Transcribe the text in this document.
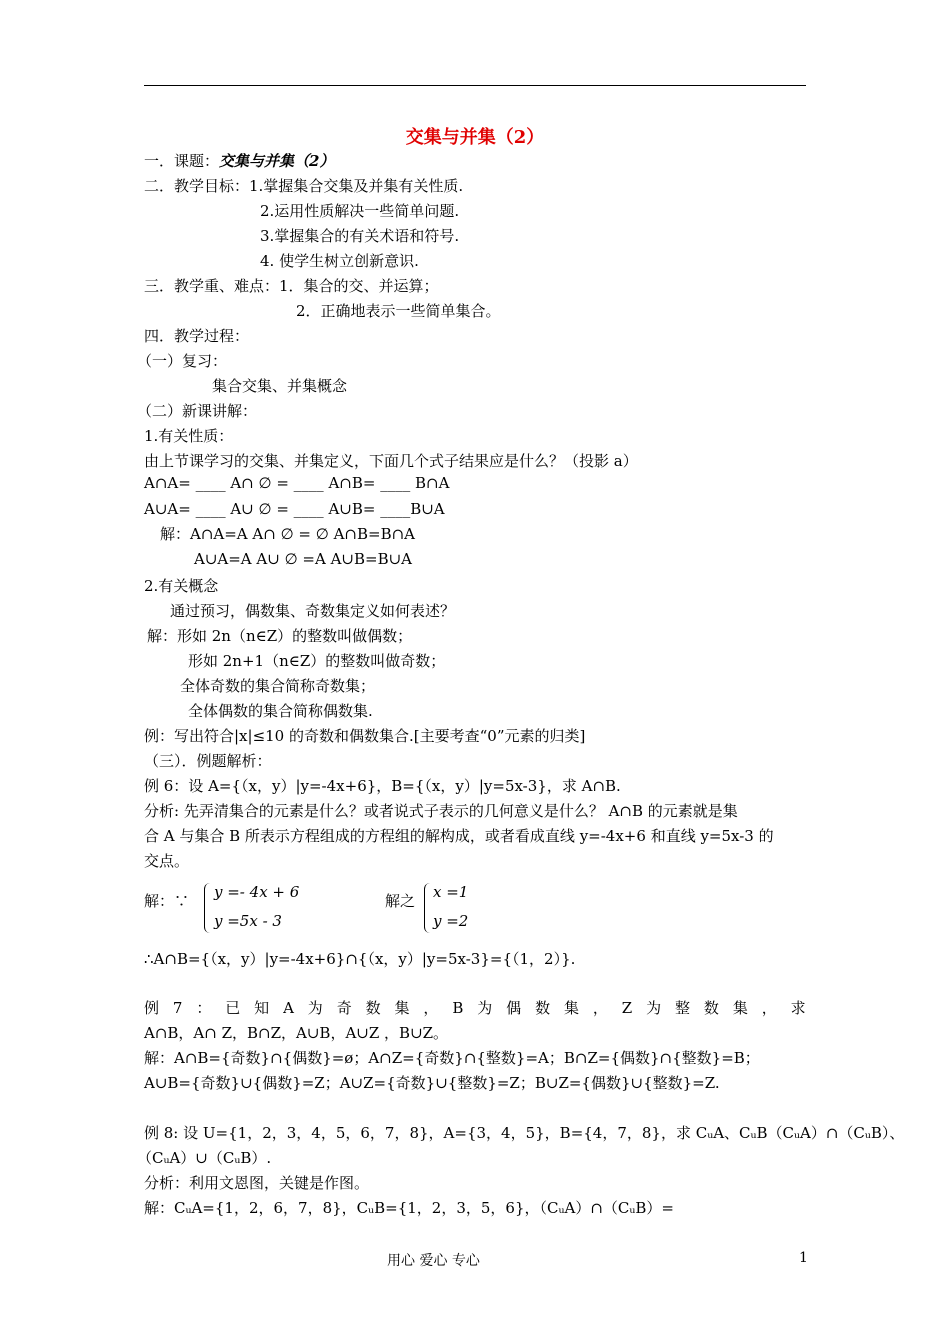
交集与并集（2）
一．课题：交集与并集（2）
二．教学目标：1.掌握集合交集及并集有关性质.
2.运用性质解决一些简单问题.
3.掌握集合的有关术语和符号.
4. 使学生树立创新意识.
三．教学重、难点：1．集合的交、并运算；
2．正确地表示一些简单集合。
四．教学过程：
（一）复习：
集合交集、并集概念
（二）新课讲解：
1.有关性质：
由上节课学习的交集、并集定义，下面几个式子结果应是什么？（投影 a）
A∩A= ____ A∩ ∅ = ____ A∩B= ____ B∩A
A∪A= ____ A∪ ∅ = ____ A∪B= ____B∪A
解：A∩A=A A∩ ∅ = ∅ A∩B=B∩A
A∪A=A A∪ ∅ =A A∪B=B∪A
2.有关概念
通过预习，偶数集、奇数集定义如何表述？
解：形如 2n（n∈Z）的整数叫做偶数；
形如 2n+1（n∈Z）的整数叫做奇数；
全体奇数的集合简称奇数集；
全体偶数的集合简称偶数集.
例：写出符合|x|≤10 的奇数和偶数集合.[主要考查“0”元素的归类]
（三）．例题解析：
例 6：设 A={（x，y）|y=-4x+6}，B={（x，y）|y=5x-3}，求 A∩B.
分析: 先弄清集合的元素是什么？或者说式子表示的几何意义是什么？ A∩B 的元素就是集
合 A 与集合 B 所表示方程组成的方程组的解构成，或者看成直线 y=-4x+6 和直线 y=5x-3 的
交点。
解：∵ y =- 4x + 6
y =5x - 3
解之 x =1
y =2
∴A∩B={（x，y）|y=-4x+6}∩{（x，y）|y=5x-3}={（1，2）}.
例 7 ： 已 知 A 为 奇 数 集 ， B 为 偶 数 集 ， Z 为 整 数 集 ， 求
A∩B，A∩ Z，B∩Z，A∪B，A∪Z ，B∪Z。
解：A∩B={奇数}∩{偶数}=ø；A∩Z={奇数}∩{整数}=A；B∩Z={偶数}∩{整数}=B；
A∪B={奇数}∪{偶数}=Z；A∪Z={奇数}∪{整数}=Z；B∪Z={偶数}∪{整数}=Z.
例 8: 设 U={1，2，3，4，5，6，7，8}，A={3，4，5}，B={4，7，8}，求 CᵤA、CᵤB（CᵤA）∩（CᵤB）、
（CᵤA）∪（CᵤB）.
分析：利用文恩图，关键是作图。
解：CᵤA={1，2，6，7，8}，CᵤB={1，2，3，5，6}，（CᵤA）∩（CᵤB）=
用心 爱心 专心	1
